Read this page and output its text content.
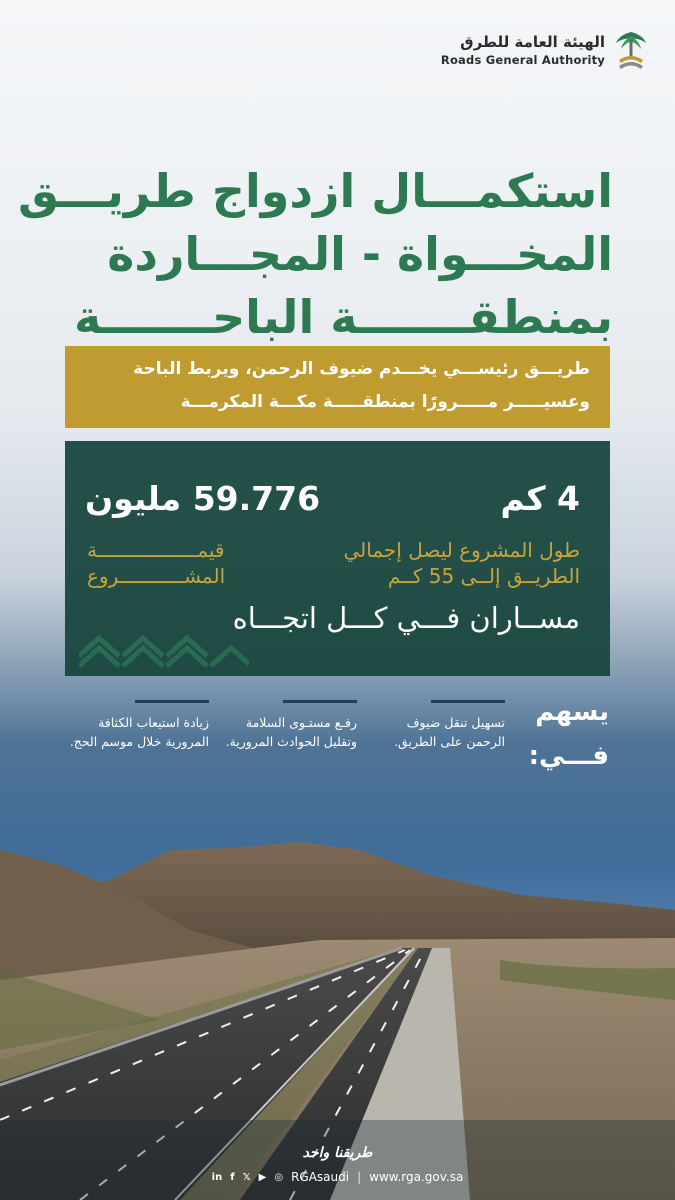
الهيئة العامة للطرق
Roads General Authority
استكمـــال ازدواج طريـــق
المخـــواة - المجـــاردة
بمنطقـــــــة الباحـــــــة
طريـــق رئيســـي يخـــدم ضيوف الرحمن، ويربط الباحة
وعسيـــــر مـــــرورًا بمنطقـــــة مكـــة المكرمـــة
4 كم
طول المشروع ليصل إجمالي
الطريــق إلــى 55 كــم
59.776 مليون
قيمـــــــــــــــــة
المشـــــــــــروع
مســاران فـــي كـــل اتجـــاه
يسهم
فـــي:
تسهيل تنقل ضيوف
الرحمن على الطريق.
رفـع مستـوى السلامة
وتقليل الحوادث المرورية.
زيادة استيعاب الكثافة
المرورية خلال موسم الحج.
طريقنا واحد
in f 𝕏 ▶ ◎ RGAsaudi | www.rga.gov.sa
